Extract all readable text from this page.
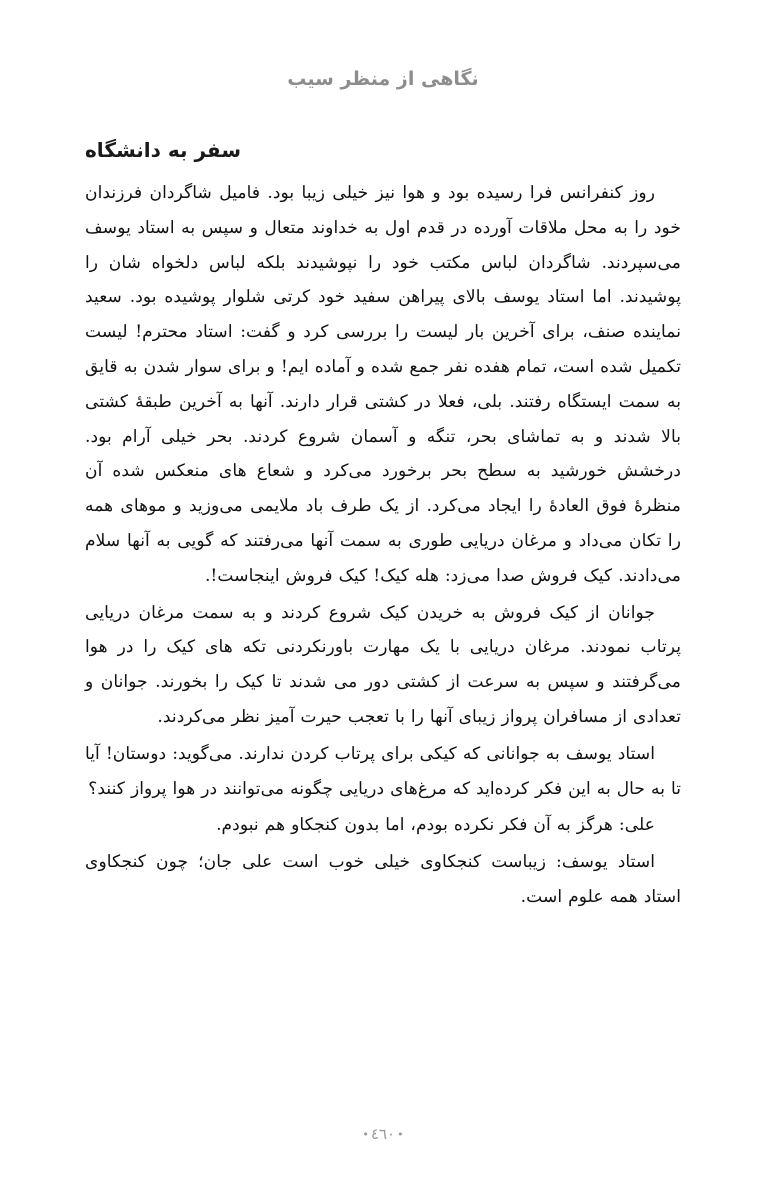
نگاهی از منظر سیب
سفر به دانشگاه

روز کنفرانس فرا رسیده بود و هوا نیز خیلی زیبا بود. فامیل شاگردان فرزندان خود را به محل ملاقات آورده در قدم اول به خداوند متعال و سپس به استاد یوسف می‌سپردند. شاگردان لباس مکتب خود را نپوشیدند بلکه لباس دلخواه شان را پوشیدند. اما استاد یوسف بالای پیراهن سفید خود کرتی شلوار پوشیده بود. سعید نماینده صنف، برای آخرین بار لیست را بررسی کرد و گفت: استاد محترم! لیست تکمیل شده است، تمام هفده نفر جمع شده و آماده ایم! و برای سوار شدن به قایق به سمت ایستگاه رفتند. بلی، فعلا در کشتی قرار دارند. آنها به آخرین طبقهٔ کشتی بالا شدند و به تماشای بحر، تنگه و آسمان شروع کردند. بحر خیلی آرام بود. درخشش خورشید به سطح بحر برخورد می‌کرد و شعاع های منعکس شده آن منظرهٔ فوق العادهٔ را ایجاد می‌کرد. از یک طرف باد ملایمی می‌وزید و موهای همه را تکان می‌داد و مرغان دریایی طوری به سمت آنها می‌رفتند که گویی به آنها سلام می‌دادند. کیک فروش صدا می‌زد: هله کیک! کیک فروش اینجاست!.

جوانان از کیک فروش به خریدن کیک شروع کردند و به سمت مرغان دریایی پرتاب نمودند. مرغان دریایی با یک مهارت باورنکردنی تکه های کیک را در هوا می‌گرفتند و سپس به سرعت از کشتی دور می شدند تا کیک را بخورند. جوانان و تعدادی از مسافران پرواز زیبای آنها را با تعجب حیرت آمیز نظر می‌کردند.

استاد یوسف به جوانانی که کیکی برای پرتاب کردن ندارند. می‌گوید: دوستان! آیا تا به حال به این فکر کرده‌اید که مرغ‌های دریایی چگونه می‌توانند در هوا پرواز کنند؟

علی: هرگز به آن فکر نکرده بودم، اما بدون کنجکاو هم نبودم.

استاد یوسف: زیباست کنجکاوی خیلی خوب است علی جان؛ چون کنجکاوی استاد همه علوم است.

•٤٦٠•
